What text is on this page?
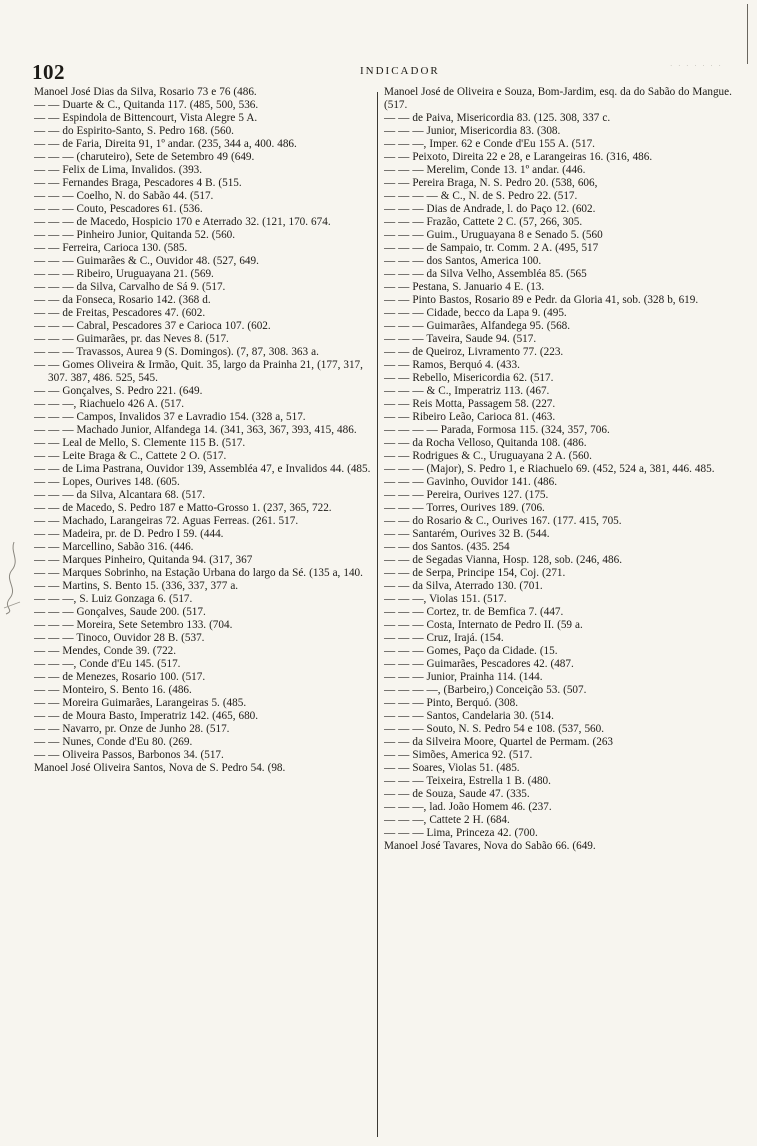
102	INDICADOR	· · · · · · ·
Manoel José Dias da Silva, Rosario 73 e 76 (486.
— — Duarte & C., Quitanda 117. (485, 500, 536.
— — Espindola de Bittencourt, Vista Alegre 5 A.
— — do Espirito-Santo, S. Pedro 168. (560.
— — de Faria, Direita 91, 1º andar. (235, 344 a, 400. 486.
— — — (charuteiro), Sete de Setembro 49 (649.
— — Felix de Lima, Invalidos. (393.
— — Fernandes Braga, Pescadores 4 B. (515.
— — — Coelho, N. do Sabão 44. (517.
— — — Couto, Pescadores 61. (536.
— — — de Macedo, Hospicio 170 e Aterrado 32. (121, 170. 674.
— — — Pinheiro Junior, Quitanda 52. (560.
— — Ferreira, Carioca 130. (585.
— — — Guimarães & C., Ouvidor 48. (527, 649.
— — — Ribeiro, Uruguayana 21. (569.
— — — da Silva, Carvalho de Sá 9. (517.
— — da Fonseca, Rosario 142. (368 d.
— — de Freitas, Pescadores 47. (602.
— — — Cabral, Pescadores 37 e Carioca 107. (602.
— — — Guimarães, pr. das Neves 8. (517.
— — — Travassos, Aurea 9 (S. Domingos). (7, 87, 308. 363 a.
— — Gomes Oliveira & Irmão, Quit. 35, largo da Prainha 21, (177, 317, 307. 387, 486. 525, 545.
— — Gonçalves, S. Pedro 221. (649.
— — —, Riachuelo 426 A. (517.
— — — Campos, Invalidos 37 e Lavradio 154. (328 a, 517.
— — — Machado Junior, Alfandega 14. (341, 363, 367, 393, 415, 486.
— — Leal de Mello, S. Clemente 115 B. (517.
— — Leite Braga & C., Cattete 2 O. (517.
— — de Lima Pastrana, Ouvidor 139, Assembléa 47, e Invalidos 44. (485.
— — Lopes, Ourives 148. (605.
— — — da Silva, Alcantara 68. (517.
— — de Macedo, S. Pedro 187 e Matto-Grosso 1. (237, 365, 722.
— — Machado, Larangeiras 72. Aguas Ferreas. (261. 517.
— — Madeira, pr. de D. Pedro I 59. (444.
— — Marcellino, Sabão 316. (446.
— — Marques Pinheiro, Quitanda 94. (317, 367
— — Marques Sobrinho, na Estação Urbana do largo da Sé. (135 a, 140.
— — Martins, S. Bento 15. (336, 337, 377 a.
— — —, S. Luiz Gonzaga 6. (517.
— — — Gonçalves, Saude 200. (517.
— — — Moreira, Sete Setembro 133. (704.
— — — Tinoco, Ouvidor 28 B. (537.
— — Mendes, Conde 39. (722.
— — —, Conde d'Eu 145. (517.
— — de Menezes, Rosario 100. (517.
— — Monteiro, S. Bento 16. (486.
— — Moreira Guimarães, Larangeiras 5. (485.
— — de Moura Basto, Imperatriz 142. (465, 680.
— — Navarro, pr. Onze de Junho 28. (517.
— — Nunes, Conde d'Eu 80. (269.
— — Oliveira Passos, Barbonos 34. (517.
Manoel José Oliveira Santos, Nova de S. Pedro 54. (98.
Manoel José de Oliveira e Souza, Bom-Jardim, esq. da do Sabão do Mangue. (517.
— — de Paiva, Misericordia 83. (125. 308, 337 c.
— — — Junior, Misericordia 83. (308.
— — —, Imper. 62 e Conde d'Eu 155 A. (517.
— — Peixoto, Direita 22 e 28, e Larangeiras 16. (316, 486.
— — — Merelim, Conde 13. 1º andar. (446.
— — Pereira Braga, N. S. Pedro 20. (538, 606,
— — — — & C., N. de S. Pedro 22. (517.
— — — Dias de Andrade, l. do Paço 12. (602.
— — — Frazão, Cattete 2 C. (57, 266, 305.
— — — Guim., Uruguayana 8 e Senado 5. (560
— — — de Sampaio, tr. Comm. 2 A. (495, 517
— — — dos Santos, America 100.
— — — da Silva Velho, Assembléa 85. (565
— — Pestana, S. Januario 4 E. (13.
— — Pinto Bastos, Rosario 89 e Pedr. da Gloria 41, sob. (328 b, 619.
— — — Cidade, becco da Lapa 9. (495.
— — — Guimarães, Alfandega 95. (568.
— — — Taveira, Saude 94. (517.
— — de Queiroz, Livramento 77. (223.
— — Ramos, Berquó 4. (433.
— — Rebello, Misericordia 62. (517.
— — — & C., Imperatriz 113. (467.
— — Reis Motta, Passagem 58. (227.
— — Ribeiro Leão, Carioca 81. (463.
— — — — Parada, Formosa 115. (324, 357, 706.
— — da Rocha Velloso, Quitanda 108. (486.
— — Rodrigues & C., Uruguayana 2 A. (560.
— — — (Major), S. Pedro 1, e Riachuelo 69. (452, 524 a, 381, 446. 485.
— — — Gavinho, Ouvidor 141. (486.
— — — Pereira, Ourives 127. (175.
— — — Torres, Ourives 189. (706.
— — do Rosario & C., Ourives 167. (177. 415, 705.
— — Santarém, Ourives 32 B. (544.
— — dos Santos. (435. 254
— — de Segadas Vianna, Hosp. 128, sob. (246, 486.
— — de Serpa, Principe 154, Coj. (271.
— — da Silva, Aterrado 130. (701.
— — —, Violas 151. (517.
— — — Cortez, tr. de Bemfica 7. (447.
— — — Costa, Internato de Pedro II. (59 a.
— — — Cruz, Irajá. (154.
— — — Gomes, Paço da Cidade. (15.
— — — Guimarães, Pescadores 42. (487.
— — — Junior, Prainha 114. (144.
— — — —, (Barbeiro,) Conceição 53. (507.
— — — Pinto, Berquó. (308.
— — — Santos, Candelaria 30. (514.
— — — Souto, N. S. Pedro 54 e 108. (537, 560.
— — da Silveira Moore, Quartel de Permam. (263
— — Simões, America 92. (517.
— — Soares, Violas 51. (485.
— — — Teixeira, Estrella 1 B. (480.
— — de Souza, Saude 47. (335.
— — —, lad. João Homem 46. (237.
— — —, Cattete 2 H. (684.
— — — Lima, Princeza 42. (700.
Manoel José Tavares, Nova do Sabão 66. (649.
